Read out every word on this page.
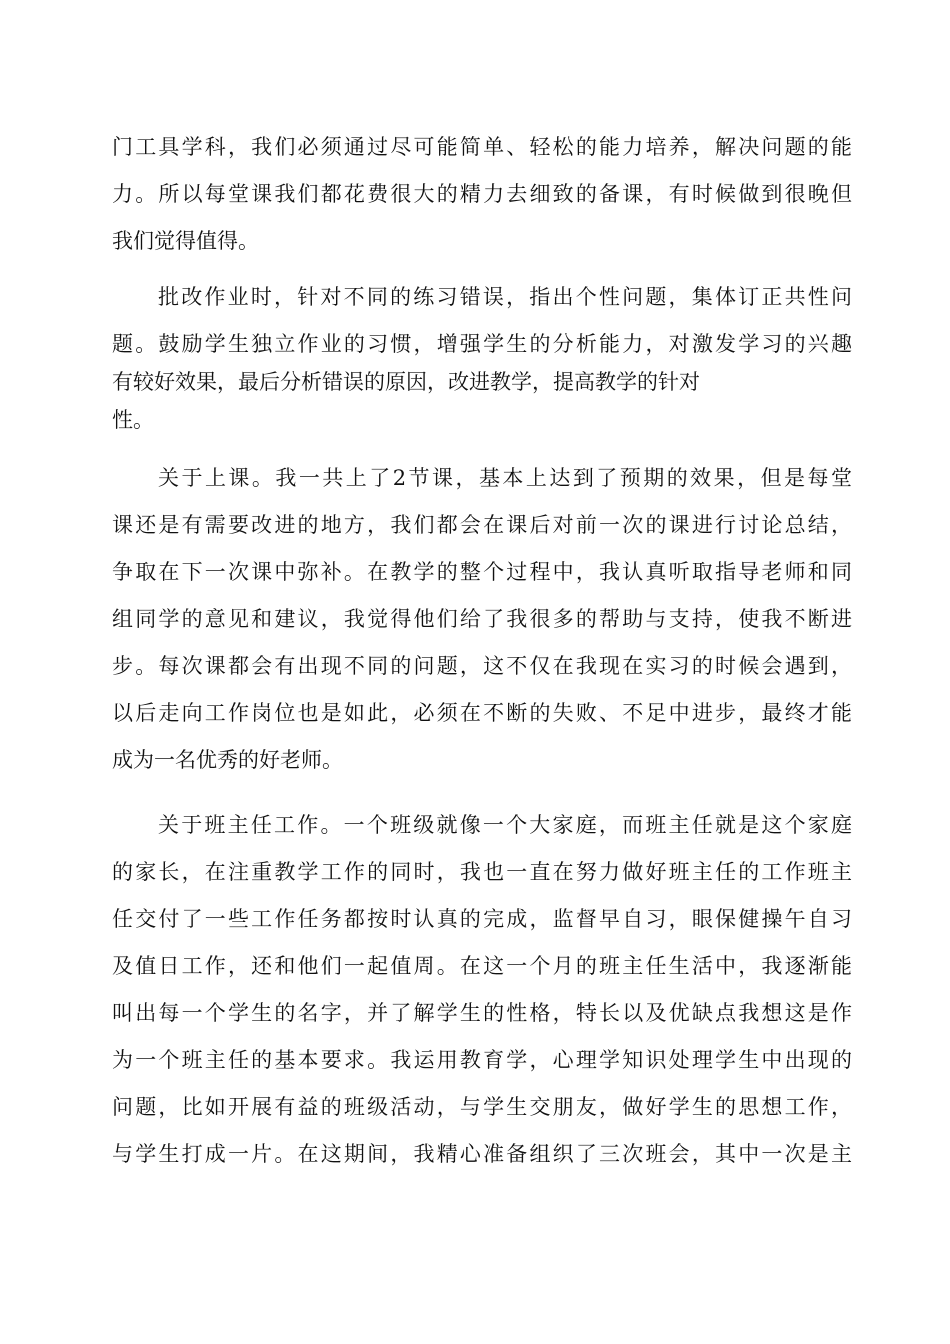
门工具学科，我们必须通过尽可能简单、轻松的能力培养，解决问题的能
力。所以每堂课我们都花费很大的精力去细致的备课，有时候做到很晚但
我们觉得值得。
批改作业时，针对不同的练习错误，指出个性问题，集体订正共性问
题。鼓励学生独立作业的习惯，增强学生的分析能力，对激发学习的兴趣
有较好效果，最后分析错误的原因，改进教学，提高教学的针对
性。
关于上课。我一共上了2节课，基本上达到了预期的效果，但是每堂
课还是有需要改进的地方，我们都会在课后对前一次的课进行讨论总结，
争取在下一次课中弥补。在教学的整个过程中，我认真听取指导老师和同
组同学的意见和建议，我觉得他们给了我很多的帮助与支持，使我不断进
步。每次课都会有出现不同的问题，这不仅在我现在实习的时候会遇到，
以后走向工作岗位也是如此，必须在不断的失败、不足中进步，最终才能
成为一名优秀的好老师。
关于班主任工作。一个班级就像一个大家庭，而班主任就是这个家庭
的家长，在注重教学工作的同时，我也一直在努力做好班主任的工作班主
任交付了一些工作任务都按时认真的完成，监督早自习，眼保健操午自习
及值日工作，还和他们一起值周。在这一个月的班主任生活中，我逐渐能
叫出每一个学生的名字，并了解学生的性格，特长以及优缺点我想这是作
为一个班主任的基本要求。我运用教育学，心理学知识处理学生中出现的
问题，比如开展有益的班级活动，与学生交朋友，做好学生的思想工作，
与学生打成一片。在这期间，我精心准备组织了三次班会，其中一次是主
